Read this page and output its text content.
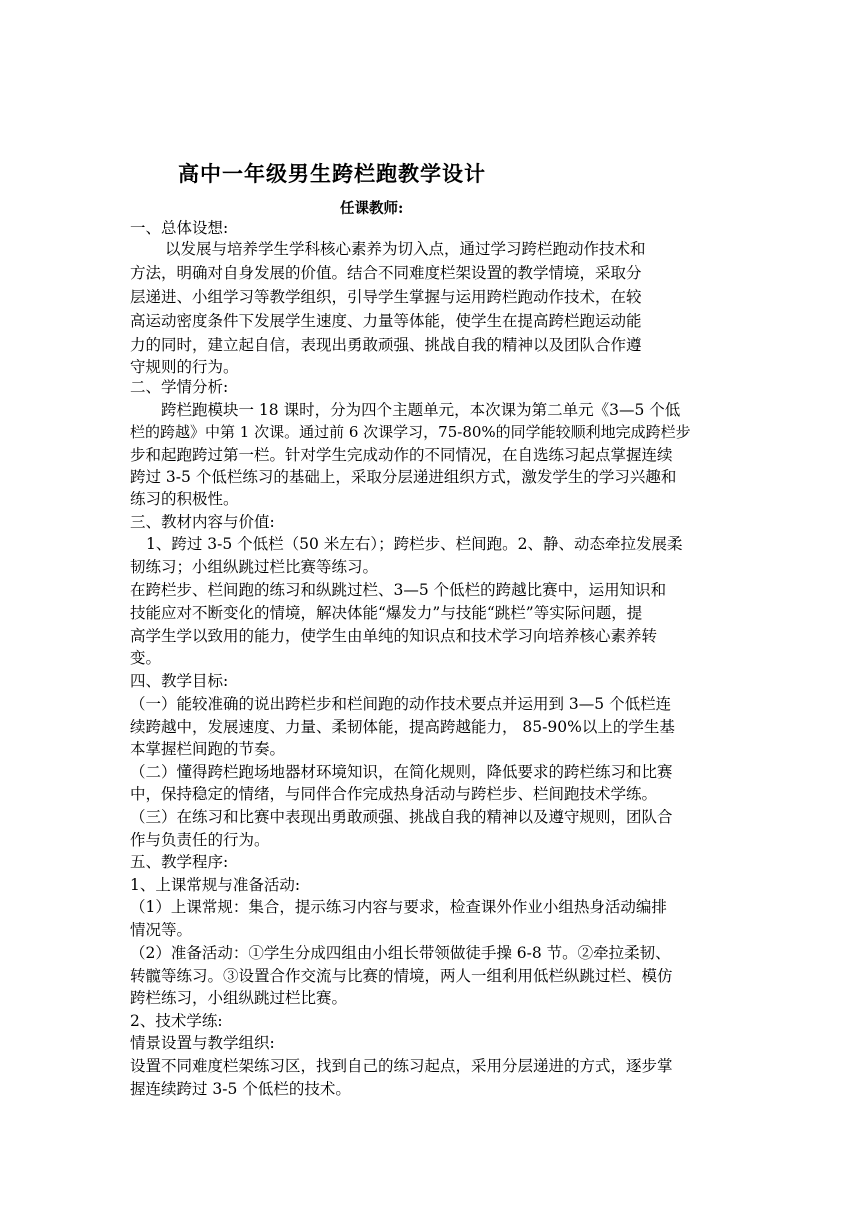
高中一年级男生跨栏跑教学设计
任课教师:
一、总体设想:
以发展与培养学生学科核心素养为切入点，通过学习跨栏跑动作技术和
方法，明确对自身发展的价值。结合不同难度栏架设置的教学情境，采取分
层递进、小组学习等教学组织，引导学生掌握与运用跨栏跑动作技术，在较
高运动密度条件下发展学生速度、力量等体能，使学生在提高跨栏跑运动能
力的同时，建立起自信，表现出勇敢顽强、挑战自我的精神以及团队合作遵
守规则的行为。
二、学情分析:
跨栏跑模块一 18 课时，分为四个主题单元，本次课为第二单元《3—5 个低
栏的跨越》中第 1 次课。通过前 6 次课学习，75-80%的同学能较顺利地完成跨栏步
步和起跑跨过第一栏。针对学生完成动作的不同情况，在自选练习起点掌握连续
跨过 3-5 个低栏练习的基础上，采取分层递进组织方式，激发学生的学习兴趣和
练习的积极性。
三、教材内容与价值:
1、跨过 3-5 个低栏（50 米左右）；跨栏步、栏间跑。2、静、动态牵拉发展柔
韧练习；小组纵跳过栏比赛等练习。
在跨栏步、栏间跑的练习和纵跳过栏、3—5 个低栏的跨越比赛中，运用知识和
技能应对不断变化的情境，解决体能“爆发力”与技能“跳栏”等实际问题，提
高学生学以致用的能力，使学生由单纯的知识点和技术学习向培养核心素养转
变。
四、教学目标:
（一）能较准确的说出跨栏步和栏间跑的动作技术要点并运用到 3—5 个低栏连
续跨越中，发展速度、力量、柔韧体能，提高跨越能力， 85-90%以上的学生基
本掌握栏间跑的节奏。
（二）懂得跨栏跑场地器材环境知识，在简化规则，降低要求的跨栏练习和比赛
中，保持稳定的情绪，与同伴合作完成热身活动与跨栏步、栏间跑技术学练。
（三）在练习和比赛中表现出勇敢顽强、挑战自我的精神以及遵守规则，团队合
作与负责任的行为。
五、教学程序:
1、上课常规与准备活动:
（1）上课常规：集合，提示练习内容与要求，检查课外作业小组热身活动编排
情况等。
（2）准备活动：①学生分成四组由小组长带领做徒手操 6-8 节。②牵拉柔韧、
转髋等练习。③设置合作交流与比赛的情境，两人一组利用低栏纵跳过栏、模仿
跨栏练习，小组纵跳过栏比赛。
2、技术学练:
情景设置与教学组织:
设置不同难度栏架练习区，找到自己的练习起点，采用分层递进的方式，逐步掌
握连续跨过 3-5 个低栏的技术。
